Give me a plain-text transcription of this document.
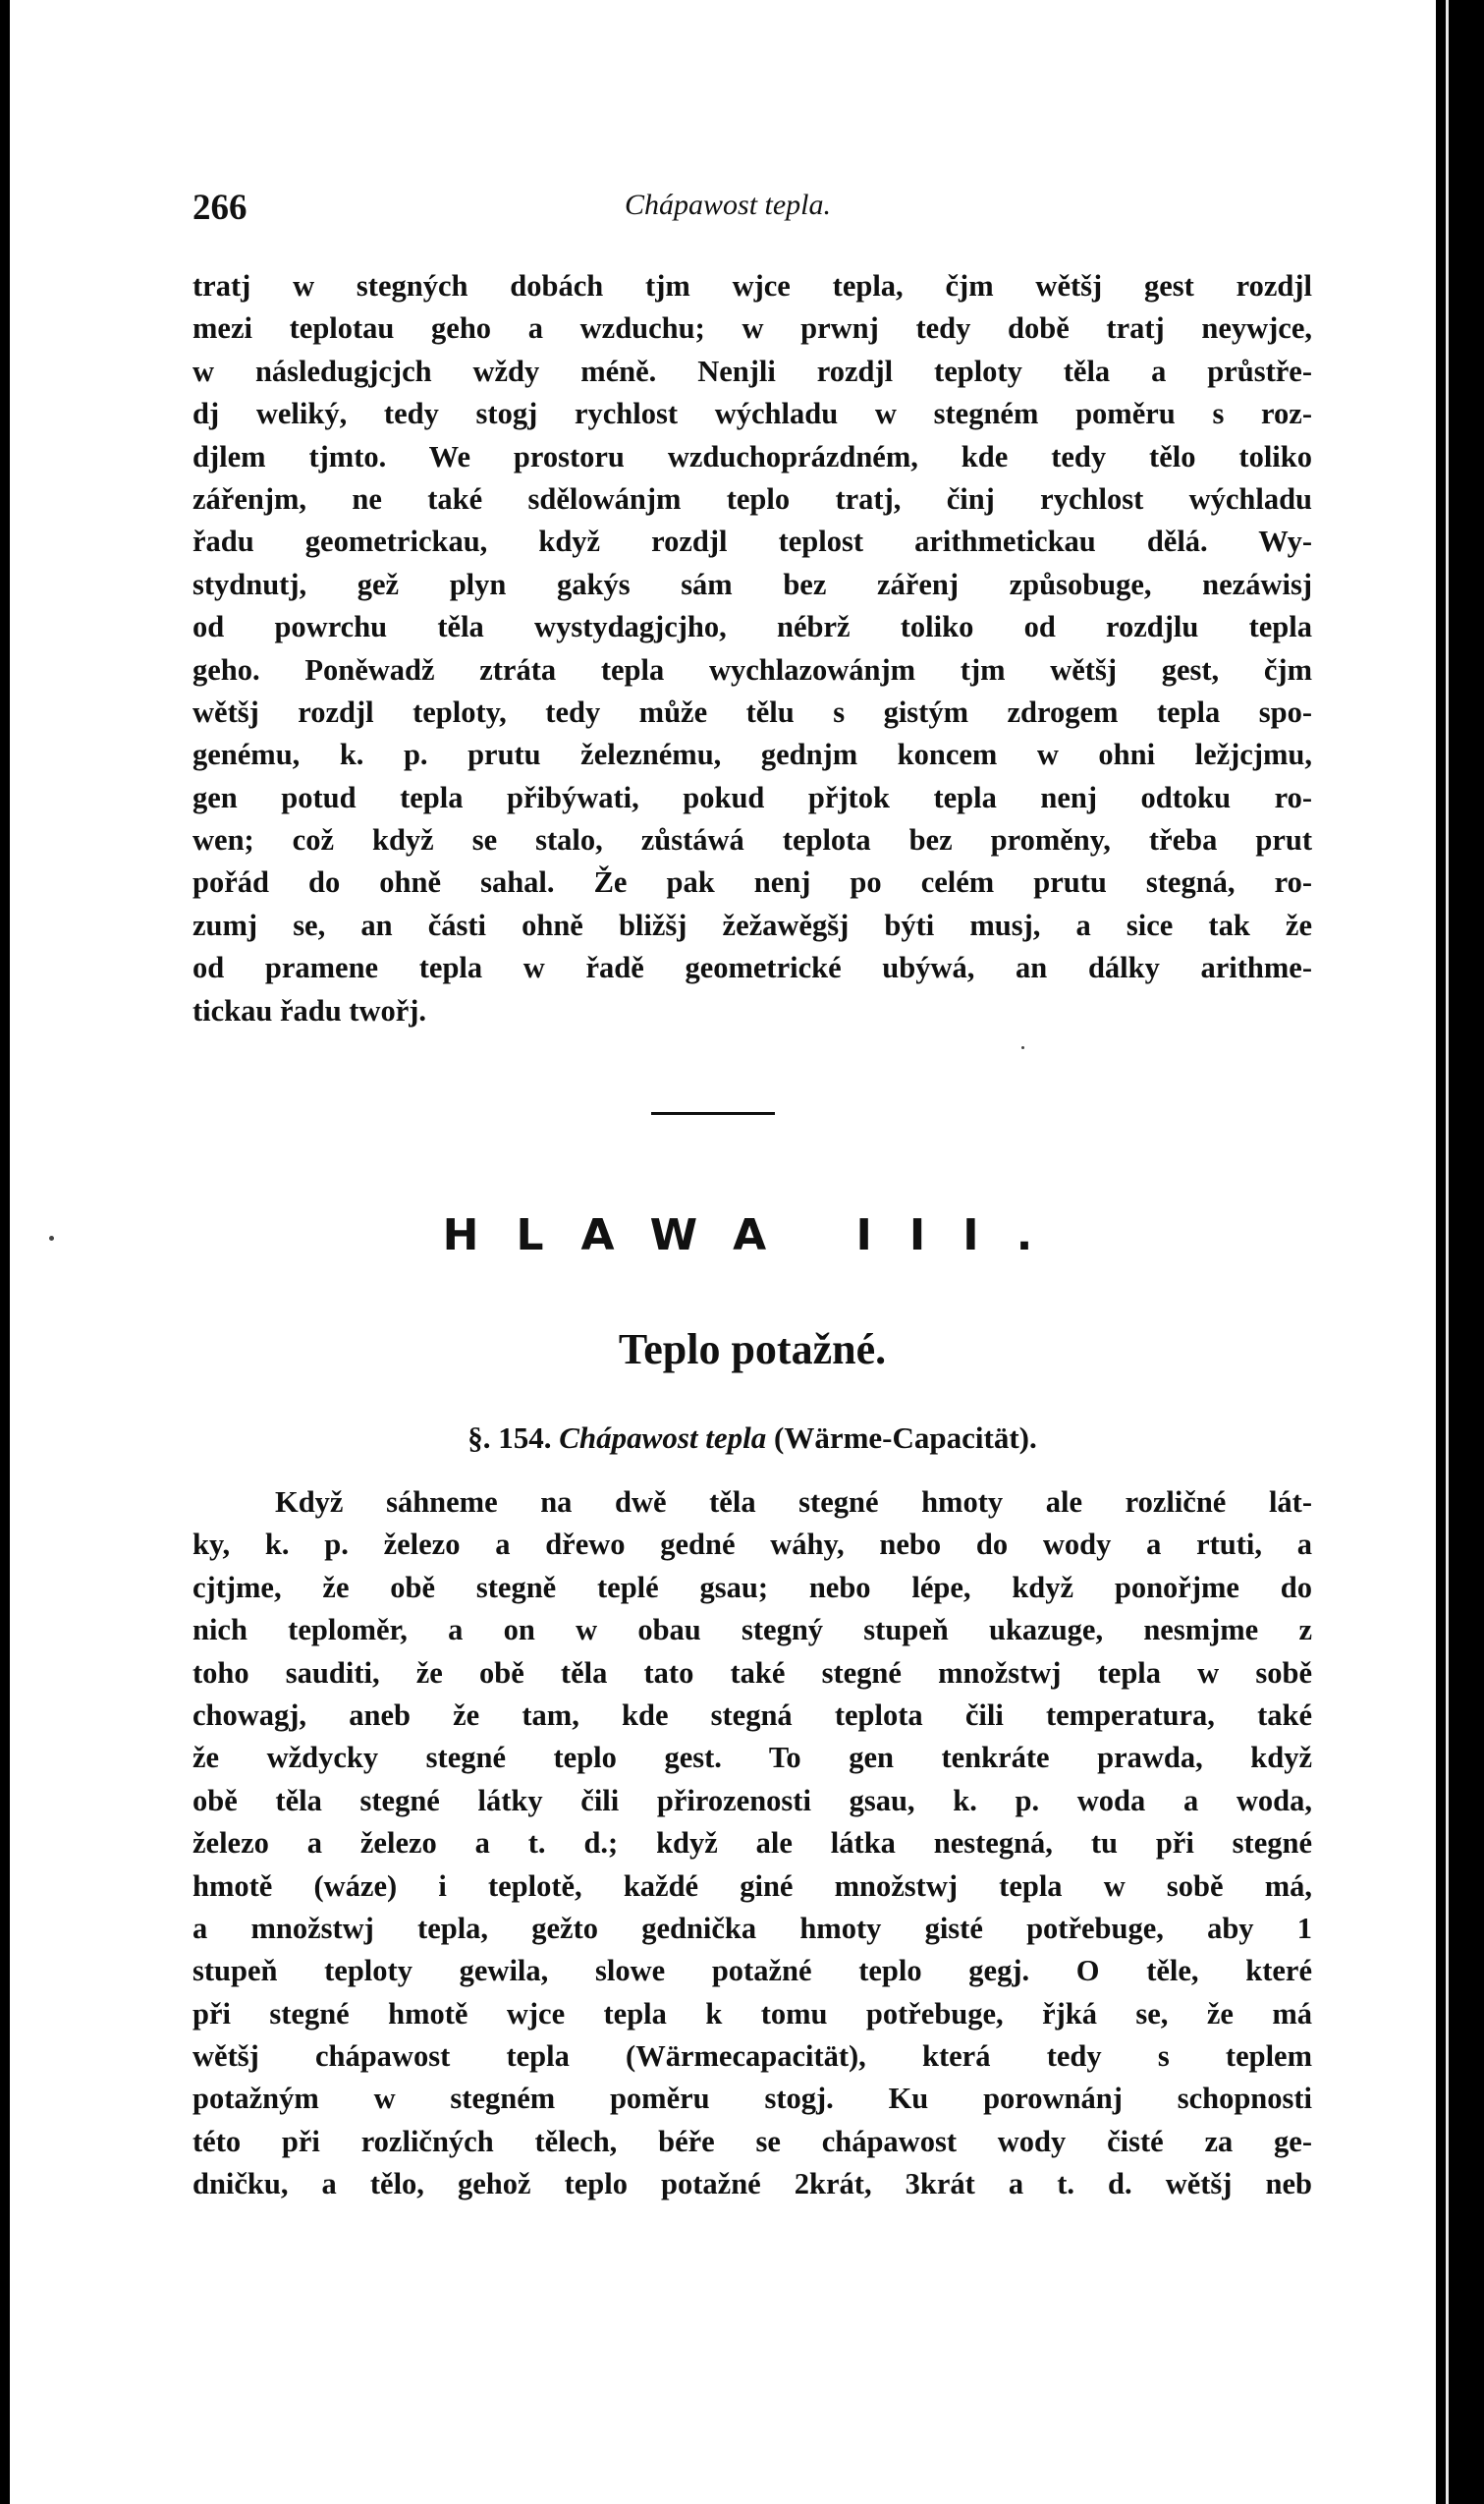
266	Chápawost tepla.
tratj w stegných dobách tjm wjce tepla, čjm wětšj gest rozdjl
mezi teplotau geho a wzduchu; w prwnj tedy době tratj neywjce,
w následugjcjch wždy méně. Nenjli rozdjl teploty těla a průstře-
dj weliký, tedy stogj rychlost wýchladu w stegném poměru s roz-
djlem tjmto. We prostoru wzduchoprázdném, kde tedy tělo toliko
zářenjm, ne také sdělowánjm teplo tratj, činj rychlost wýchladu
řadu geometrickau, když rozdjl teplost arithmetickau dělá. Wy-
stydnutj, gež plyn gakýs sám bez zářenj způsobuge, nezáwisj
od powrchu těla wystydagjcjho, nébrž toliko od rozdjlu tepla
geho. Poněwadž ztráta tepla wychlazowánjm tjm wětšj gest, čjm
wětšj rozdjl teploty, tedy může tělu s gistým zdrogem tepla spo-
genému, k. p. prutu železnému, gednjm koncem w ohni ležjcjmu,
gen potud tepla přibýwati, pokud přjtok tepla nenj odtoku ro-
wen; což když se stalo, zůstáwá teplota bez proměny, třeba prut
pořád do ohně sahal. Že pak nenj po celém prutu stegná, ro-
zumj se, an části ohně bližšj žežawěgšj býti musj, a sice tak že
od pramene tepla w řadě geometrické ubýwá, an dálky arithme-
tickau řadu twořj.
HLAWA III.
Teplo potažné.
§. 154. Chápawost tepla (Wärme-Capacität).
Když sáhneme na dwě těla stegné hmoty ale rozličné lát-
ky, k. p. železo a dřewo gedné wáhy, nebo do wody a rtuti, a
cjtjme, že obě stegně teplé gsau; nebo lépe, když ponořjme do
nich teploměr, a on w obau stegný stupeň ukazuge, nesmjme z
toho sauditi, že obě těla tato také stegné množstwj tepla w sobě
chowagj, aneb že tam, kde stegná teplota čili temperatura, také
že wždycky stegné teplo gest. To gen tenkráte prawda, když
obě těla stegné látky čili přirozenosti gsau, k. p. woda a woda,
železo a železo a t. d.; když ale látka nestegná, tu při stegné
hmotě (wáze) i teplotě, každé giné množstwj tepla w sobě má,
a množstwj tepla, gežto gednička hmoty gisté potřebuge, aby 1
stupeň teploty gewila, slowe potažné teplo gegj. O těle, které
při stegné hmotě wjce tepla k tomu potřebuge, řjká se, že má
wětšj chápawost tepla (Wärmecapacität), která tedy s teplem
potažným w stegném poměru stogj. Ku porownánj schopnosti
této při rozličných tělech, béře se chápawost wody čisté za ge-
dničku, a tělo, gehož teplo potažné 2krát, 3krát a t. d. wětšj neb
